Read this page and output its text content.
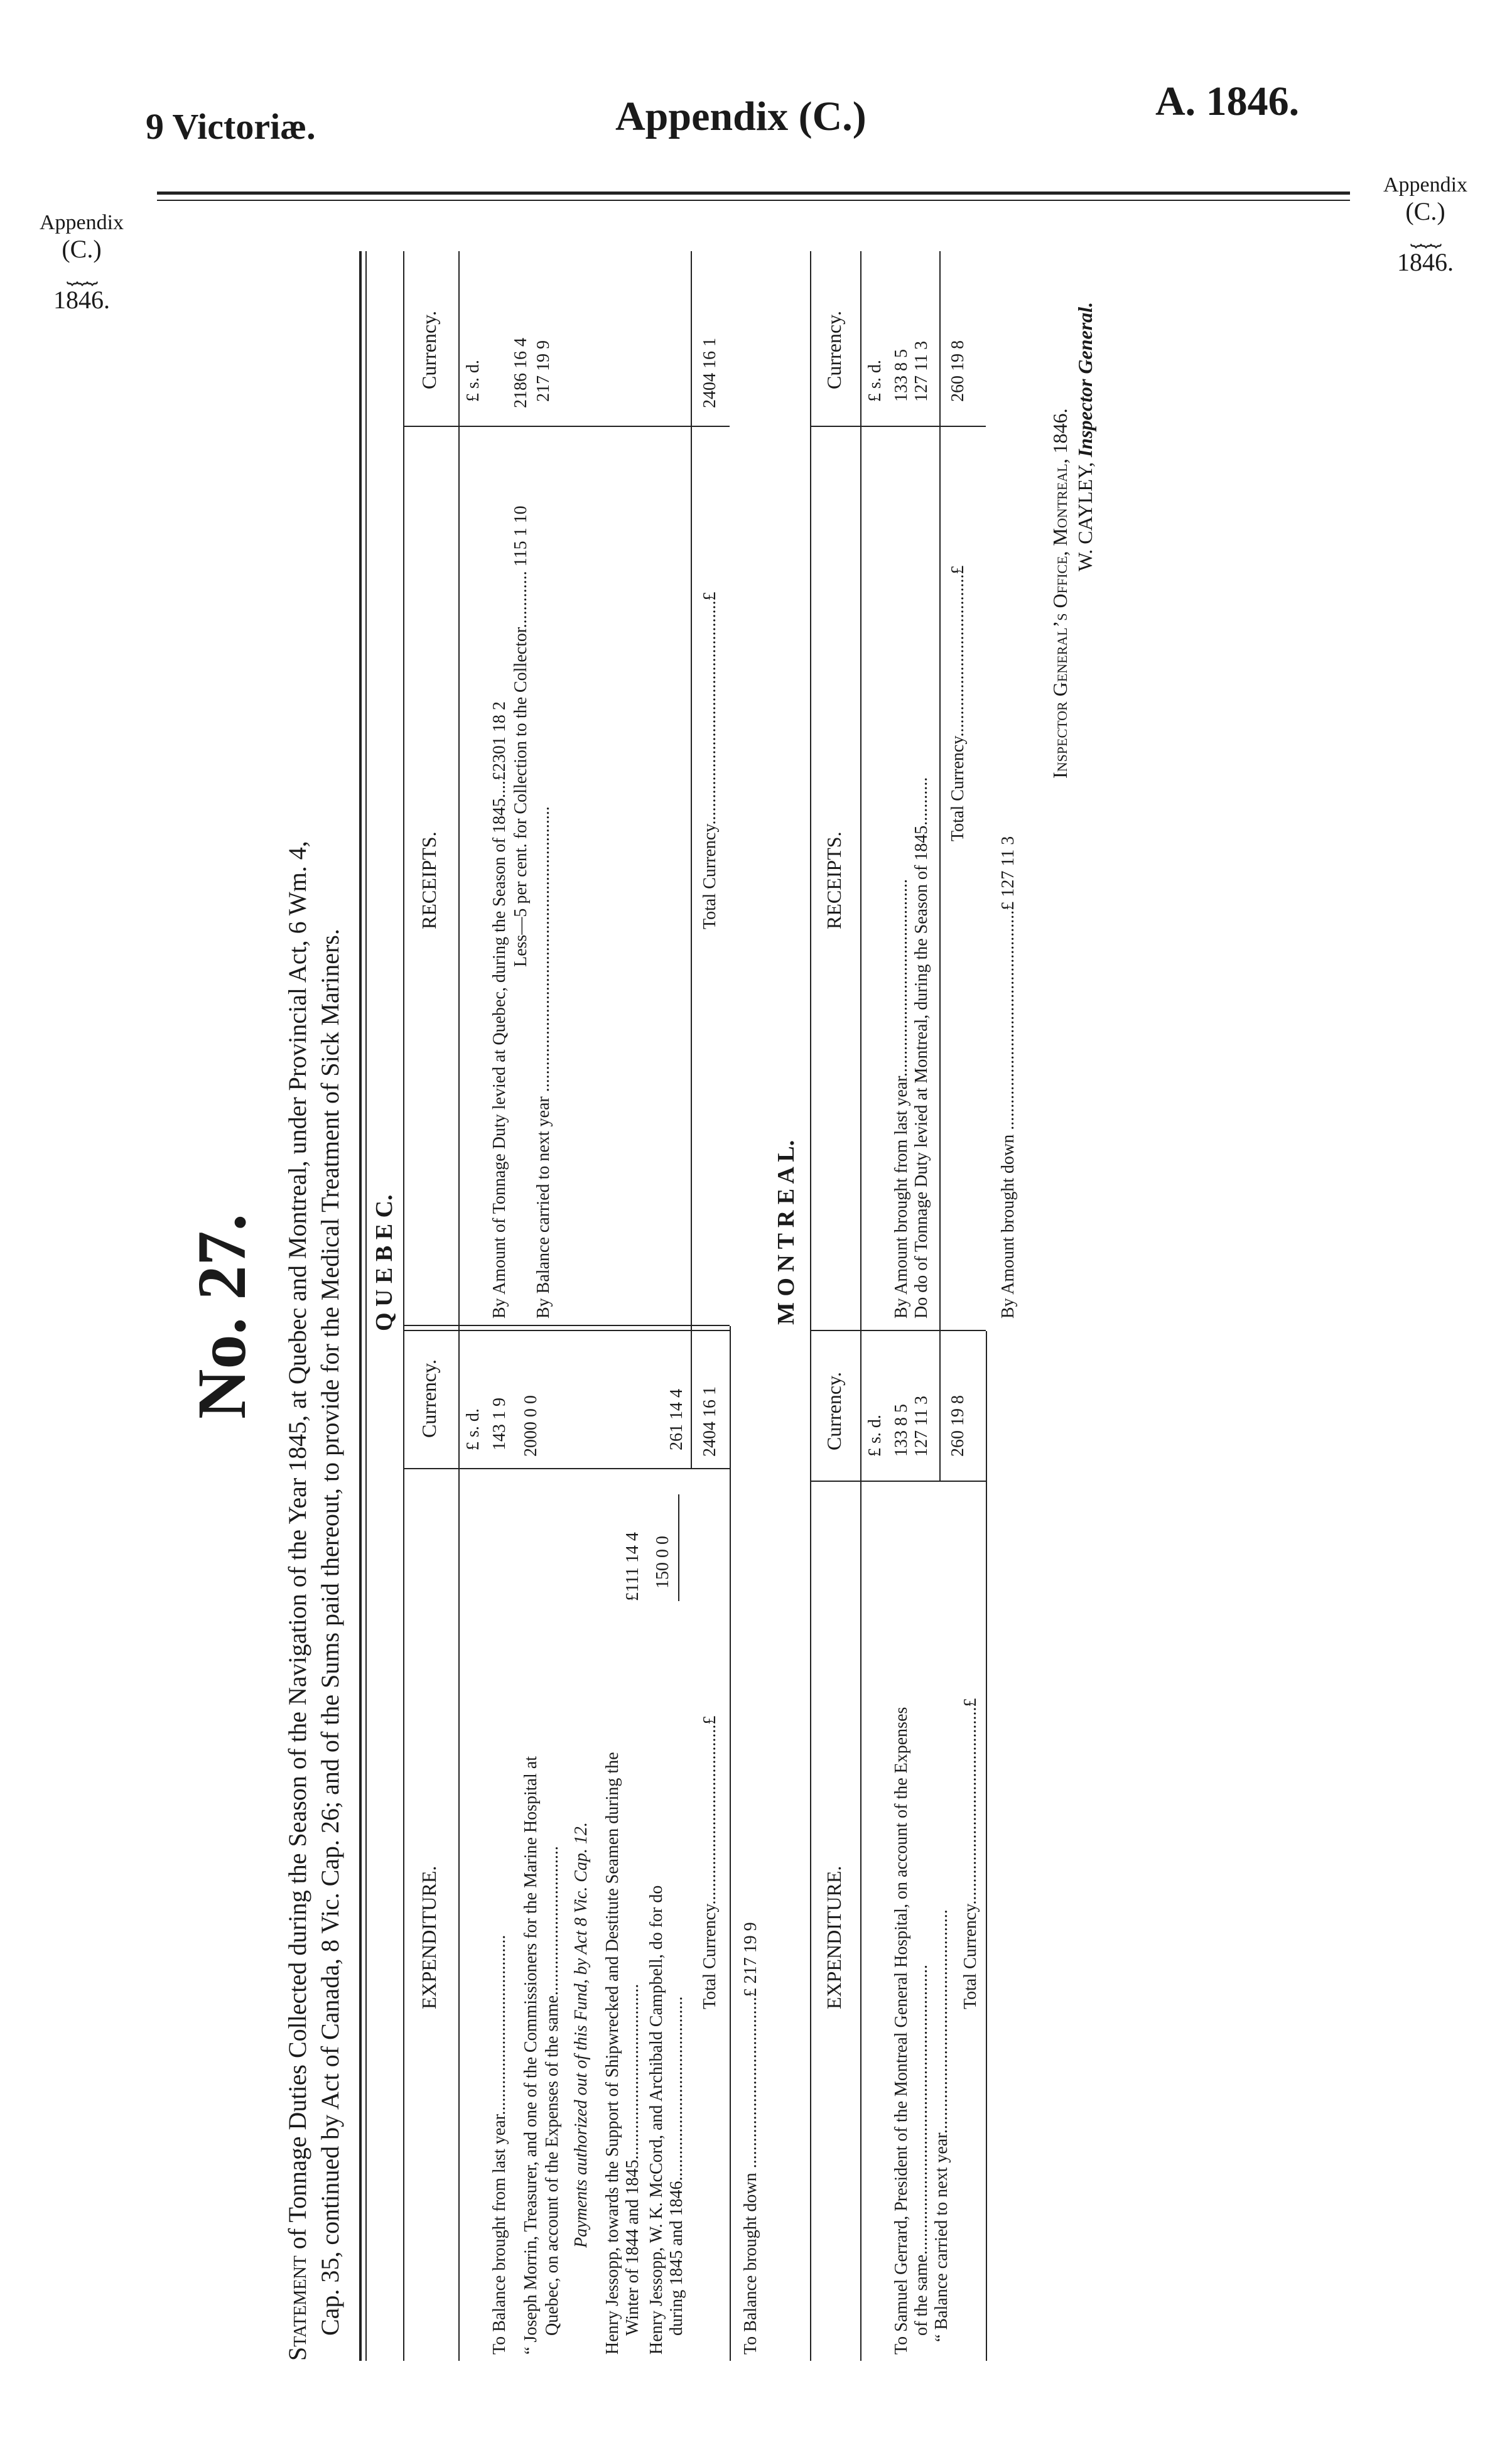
9 Victoriæ.	Appendix (C.)	A. 1846.
Appendix
(C.)
⏟⏟⏟
1846.
Appendix
(C.)
⏟⏟⏟
1846.
No. 27.
Statement of Tonnage Duties Collected during the Season of the Navigation of the Year 1845, at Quebec and Montreal, under Provincial Act, 6 Wm. 4, Cap. 35, continued by Act of Canada, 8 Vic. Cap. 26; and of the Sums paid thereout, to provide for the Medical Treatment of Sick Mariners. Q U E B E C.
EXPENDITURE.
Currency.
RECEIPTS.
Currency.
£ s. d.
£ s. d.
To Balance brought from last year.........................................
143 1 9
“ Joseph Morrin, Treasurer, and one of the Commissioners for the Marine Hospital at Quebec, on account of the Expenses of the same..................................
2000 0 0
Payments authorized out of this Fund, by Act 8 Vic. Cap. 12. Henry Jessopp, towards the Support of Shipwrecked and Destitute Seamen during the Winter of 1844 and 1845........................................
£111 14 4
Henry Jessopp, W. K. McCord, and Archibald Campbell, do for do during 1845 and 1846..........................................
150 0 0
261 14 4
Total Currency.........................................£
2404 16 1
By Amount of Tonnage Duty levied at Quebec, during the Season of 1845....£2301 18 2 Less—5 per cent. for Collection to the Collector............. 115 1 10
2186 16 4
By Balance carried to next year .................................................................
217 19 9
Total Currency...................................................£
2404 16 1
To Balance brought down .......................................£ 217 19 9
M O N T R E A L.
EXPENDITURE.
Currency.
RECEIPTS.
Currency.
£ s. d.
£ s. d.
To Samuel Gerrard, President of the Montreal General Hospital, on account of the Expenses of the same.................................................................. “ Balance carried to next year...................................................
133 8 5 127 11 3
Total Currency.............................................£
260 19 8
By Amount brought from last year............................................. Do do of Tonnage Duty levied at Montreal, during the Season of 1845...........
133 8 5 127 11 3
Total Currency.....................................£
260 19 8
By Amount brought down ..................................................£ 127 11 3
Inspector General’s Office, Montreal, 1846. W. CAYLEY, Inspector General.
